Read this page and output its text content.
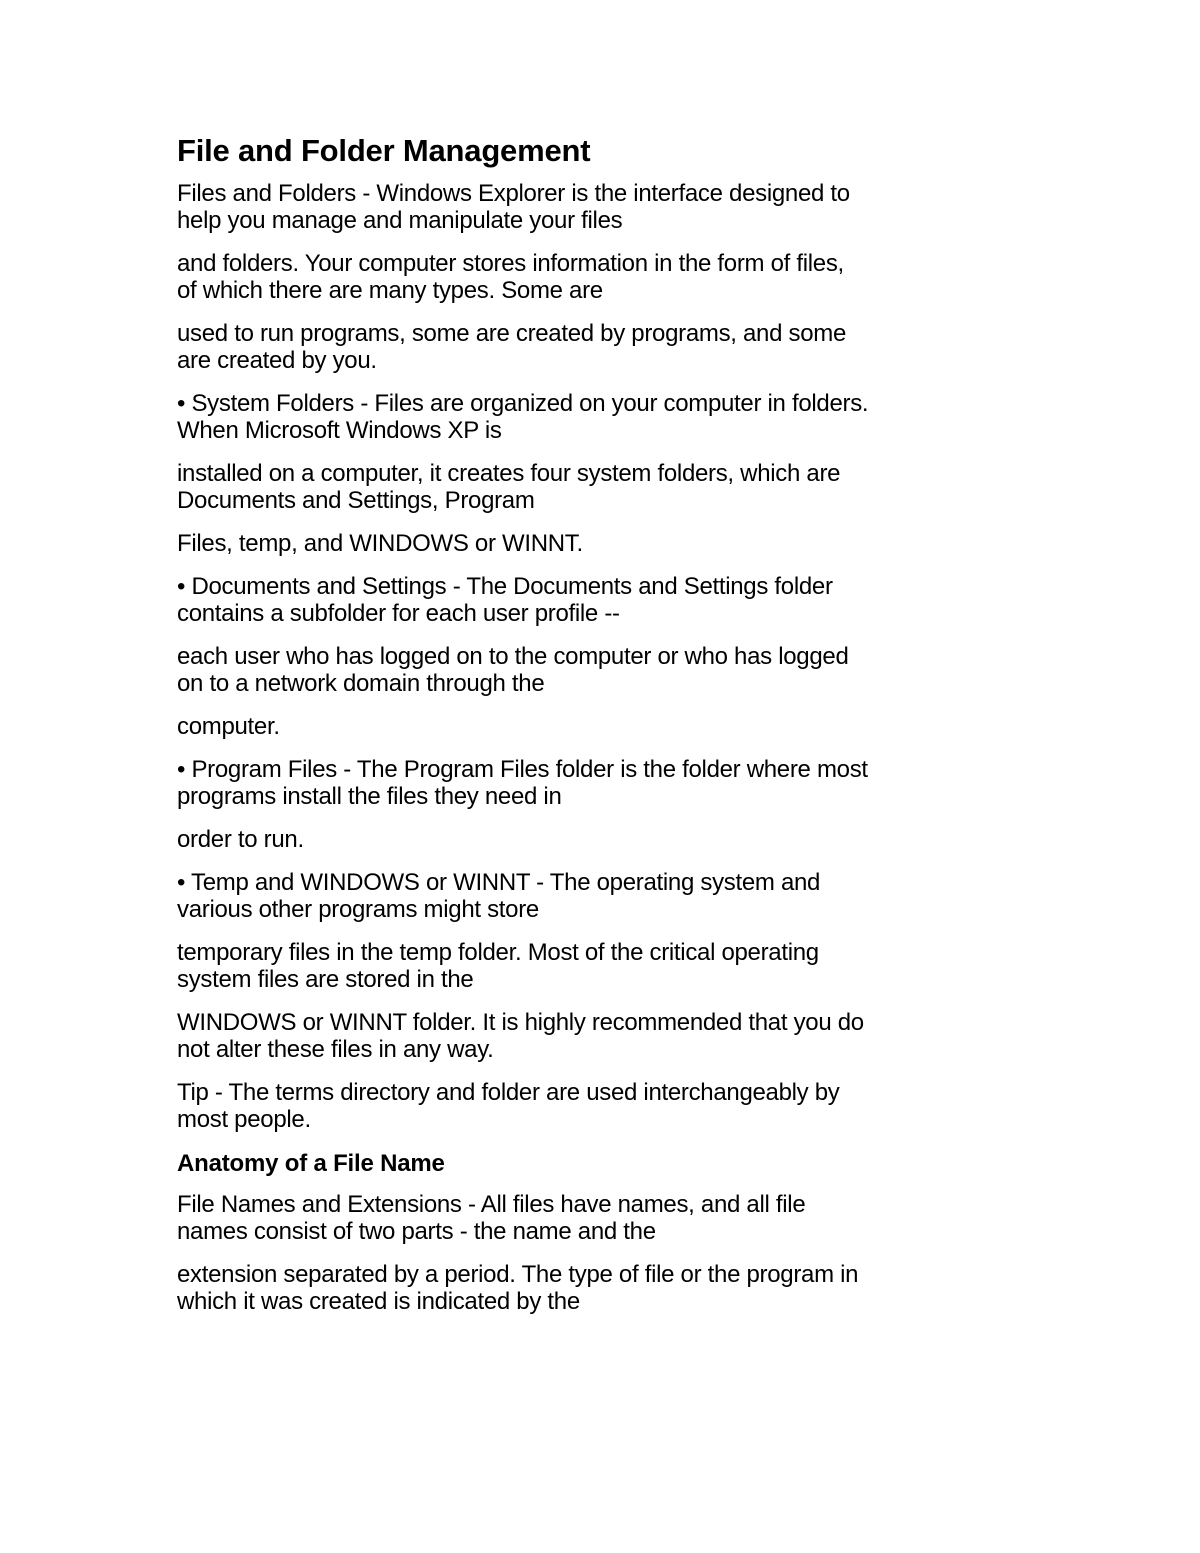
File and Folder Management

Files and Folders - Windows Explorer is the interface designed to
help you manage and manipulate your files

and folders. Your computer stores information in the form of files,
of which there are many types. Some are

used to run programs, some are created by programs, and some
are created by you.

• System Folders - Files are organized on your computer in folders.
When Microsoft Windows XP is

installed on a computer, it creates four system folders, which are
Documents and Settings, Program

Files, temp, and WINDOWS or WINNT.

• Documents and Settings - The Documents and Settings folder
contains a subfolder for each user profile --

each user who has logged on to the computer or who has logged
on to a network domain through the

computer.

• Program Files - The Program Files folder is the folder where most
programs install the files they need in

order to run.

• Temp and WINDOWS or WINNT - The operating system and
various other programs might store

temporary files in the temp folder. Most of the critical operating
system files are stored in the

WINDOWS or WINNT folder. It is highly recommended that you do
not alter these files in any way.

Tip - The terms directory and folder are used interchangeably by
most people.

Anatomy of a File Name

File Names and Extensions - All files have names, and all file
names consist of two parts - the name and the

extension separated by a period. The type of file or the program in
which it was created is indicated by the
